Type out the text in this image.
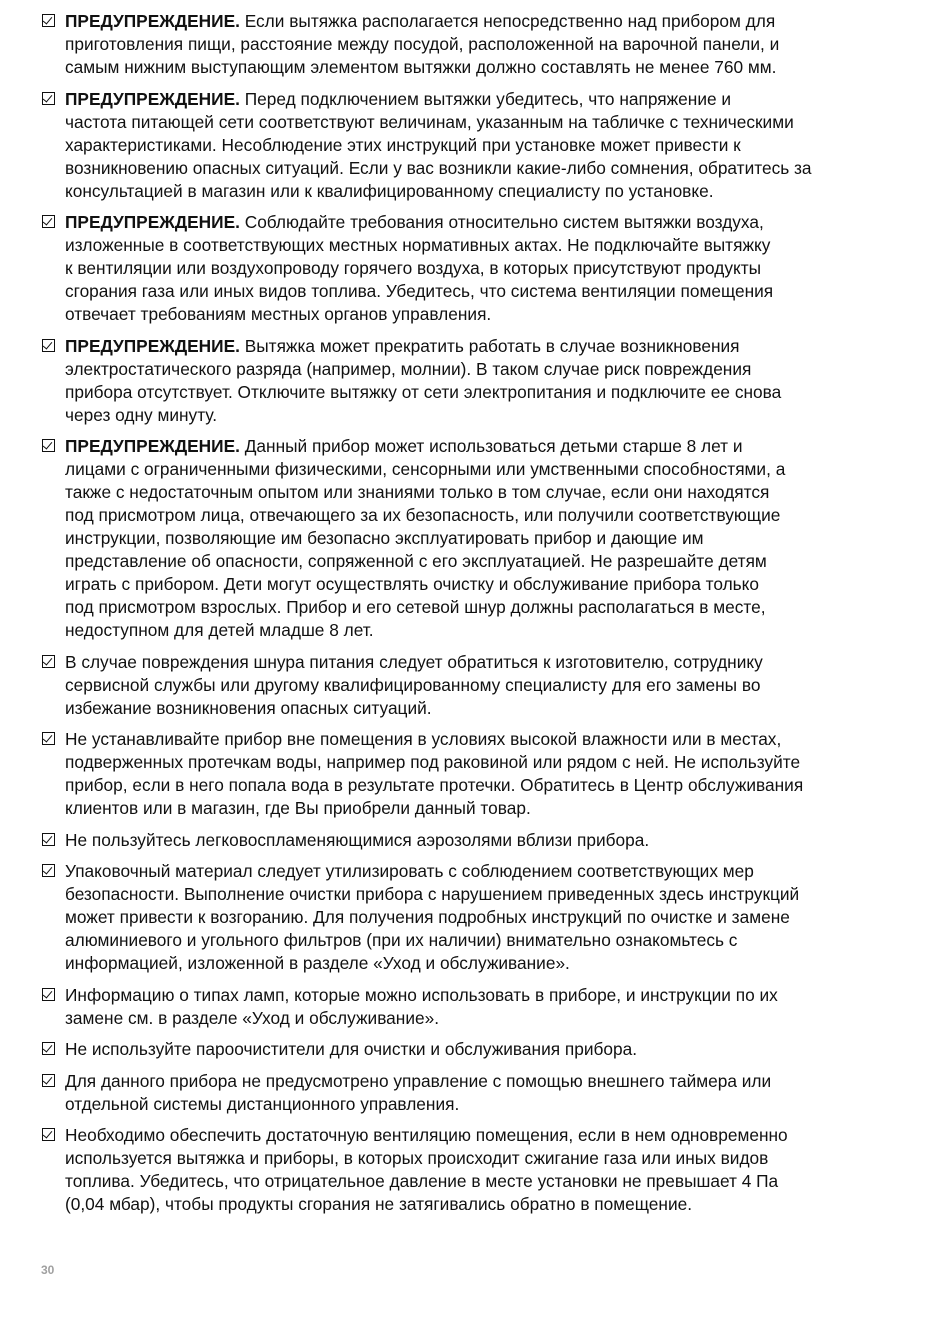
ПРЕДУПРЕЖДЕНИЕ. Если вытяжка располагается непосредственно над прибором для
приготовления пищи, расстояние между посудой, расположенной на варочной панели, и
самым нижним выступающим элементом вытяжки должно составлять не менее 760 мм.
ПРЕДУПРЕЖДЕНИЕ. Перед подключением вытяжки убедитесь, что напряжение и
частота питающей сети соответствуют величинам, указанным на табличке с техническими
характеристиками. Несоблюдение этих инструкций при установке может привести к
возникновению опасных ситуаций. Если у вас возникли какие-либо сомнения, обратитесь за
консультацией в магазин или к квалифицированному специалисту по установке.
ПРЕДУПРЕЖДЕНИЕ. Соблюдайте требования относительно систем вытяжки воздуха,
изложенные в соответствующих местных нормативных актах. Не подключайте вытяжку
к вентиляции или воздухопроводу горячего воздуха, в которых присутствуют продукты
сгорания газа или иных видов топлива. Убедитесь, что система вентиляции помещения
отвечает требованиям местных органов управления.
ПРЕДУПРЕЖДЕНИЕ. Вытяжка может прекратить работать в случае возникновения
электростатического разряда (например, молнии). В таком случае риск повреждения
прибора отсутствует. Отключите вытяжку от сети электропитания и подключите ее снова
через одну минуту.
ПРЕДУПРЕЖДЕНИЕ. Данный прибор может использоваться детьми старше 8 лет и
лицами с ограниченными физическими, сенсорными или умственными способностями, а
также с недостаточным опытом или знаниями только в том случае, если они находятся
под присмотром лица, отвечающего за их безопасность, или получили соответствующие
инструкции, позволяющие им безопасно эксплуатировать прибор и дающие им
представление об опасности, сопряженной с его эксплуатацией. Не разрешайте детям
играть с прибором. Дети могут осуществлять очистку и обслуживание прибора только
под присмотром взрослых. Прибор и его сетевой шнур должны располагаться в месте,
недоступном для детей младше 8 лет.
В случае повреждения шнура питания следует обратиться к изготовителю, сотруднику
сервисной службы или другому квалифицированному специалисту для его замены во
избежание возникновения опасных ситуаций.
Не устанавливайте прибор вне помещения в условиях высокой влажности или в местах,
подверженных протечкам воды, например под раковиной или рядом с ней. Не используйте
прибор, если в него попала вода в результате протечки. Обратитесь в Центр обслуживания
клиентов или в магазин, где Вы приобрели данный товар.
Не пользуйтесь легковоспламеняющимися аэрозолями вблизи прибора.
Упаковочный материал следует утилизировать с соблюдением соответствующих мер
безопасности. Выполнение очистки прибора с нарушением приведенных здесь инструкций
может привести к возгоранию. Для получения подробных инструкций по очистке и замене
алюминиевого и угольного фильтров (при их наличии) внимательно ознакомьтесь с
информацией, изложенной в разделе «Уход и обслуживание».
Информацию о типах ламп, которые можно использовать в приборе, и инструкции по их
замене см. в разделе «Уход и обслуживание».
Не используйте пароочистители для очистки и обслуживания прибора.
Для данного прибора не предусмотрено управление с помощью внешнего таймера или
отдельной системы дистанционного управления.
Необходимо обеспечить достаточную вентиляцию помещения, если в нем одновременно
используется вытяжка и приборы, в которых происходит сжигание газа или иных видов
топлива. Убедитесь, что отрицательное давление в месте установки не превышает 4 Па
(0,04 мбар), чтобы продукты сгорания не затягивались обратно в помещение.
30
